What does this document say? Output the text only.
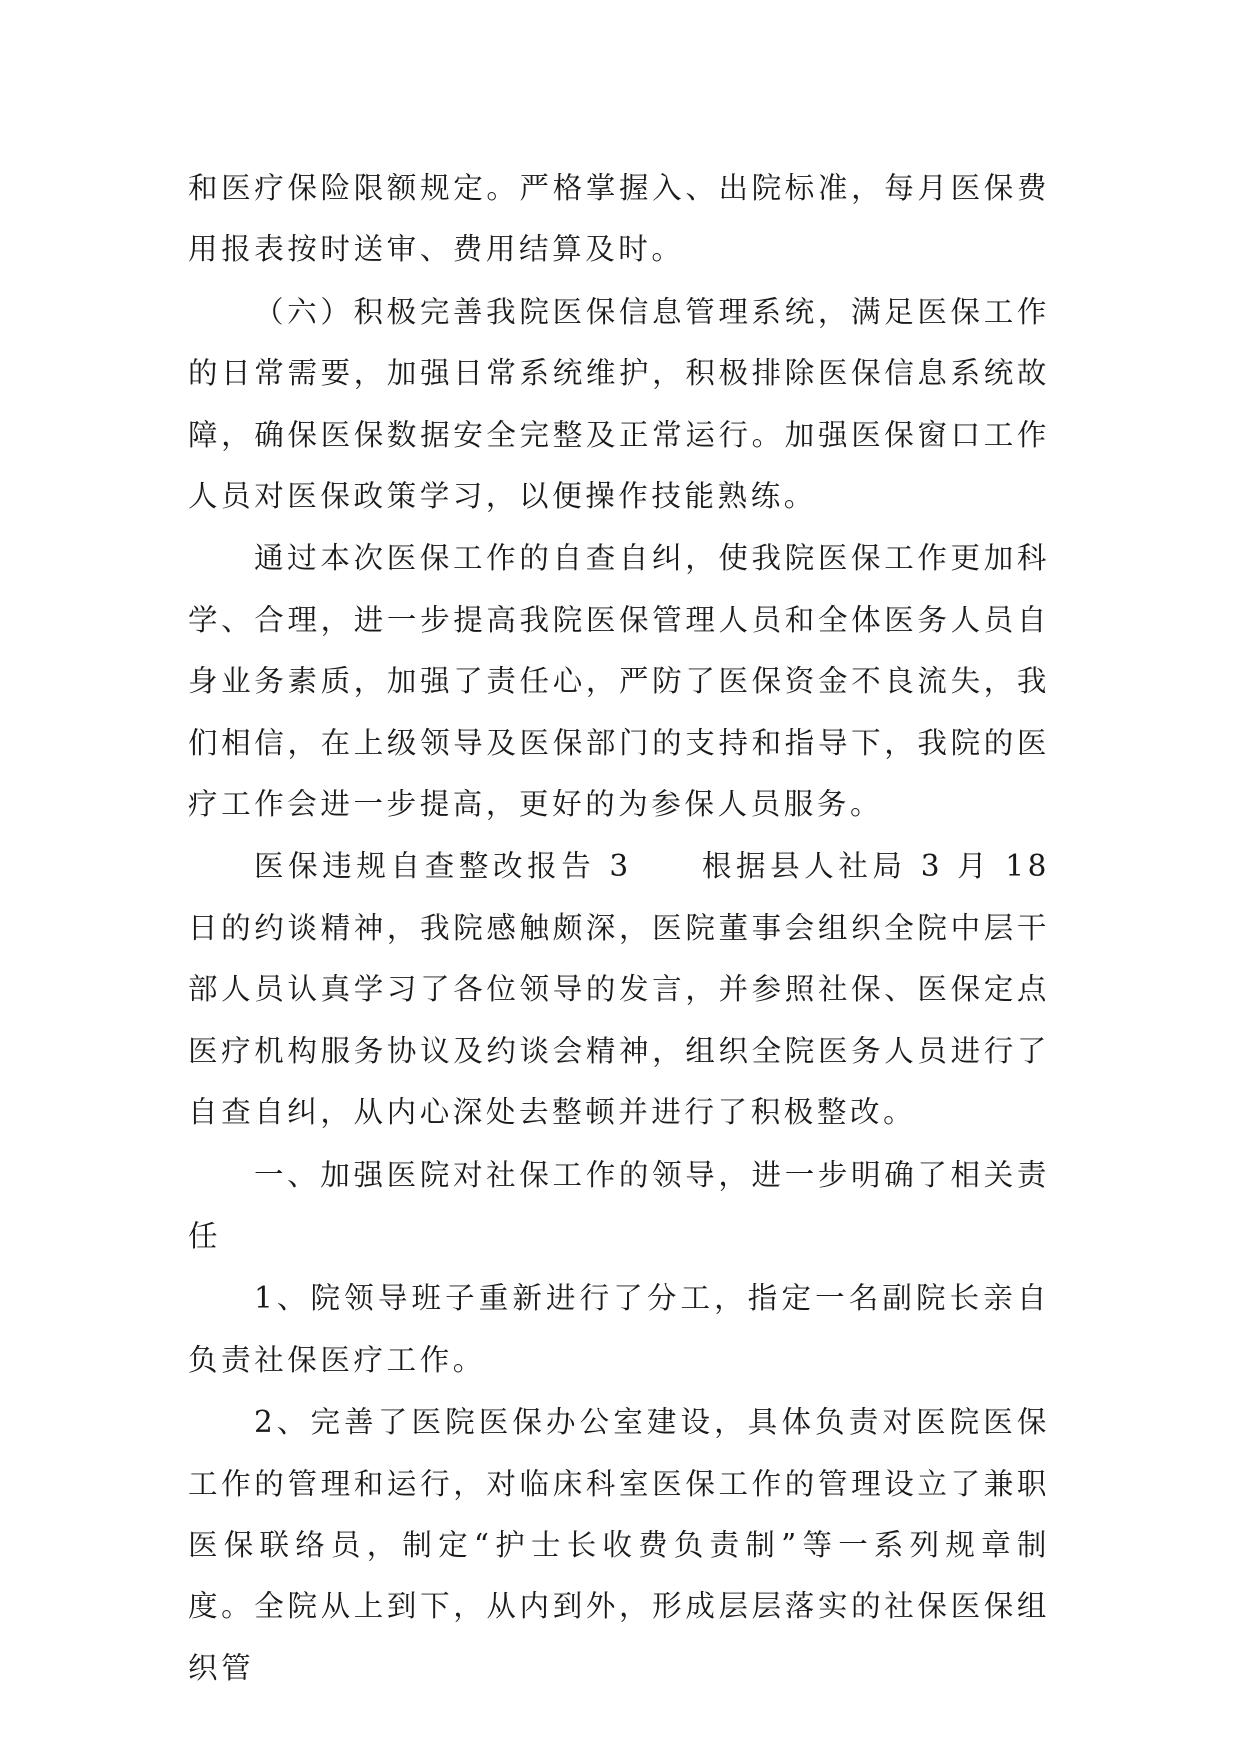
和医疗保险限额规定。严格掌握入、出院标准，每月医保费用报表按时送审、费用结算及时。

（六）积极完善我院医保信息管理系统，满足医保工作的日常需要，加强日常系统维护，积极排除医保信息系统故障，确保医保数据安全完整及正常运行。加强医保窗口工作人员对医保政策学习，以便操作技能熟练。

通过本次医保工作的自查自纠，使我院医保工作更加科学、合理，进一步提高我院医保管理人员和全体医务人员自身业务素质，加强了责任心，严防了医保资金不良流失，我们相信，在上级领导及医保部门的支持和指导下，我院的医疗工作会进一步提高，更好的为参保人员服务。

医保违规自查整改报告 3     根据县人社局 3 月 18 日的约谈精神，我院感触颇深，医院董事会组织全院中层干部人员认真学习了各位领导的发言，并参照社保、医保定点医疗机构服务协议及约谈会精神，组织全院医务人员进行了自查自纠，从内心深处去整顿并进行了积极整改。

一、加强医院对社保工作的领导，进一步明确了相关责任

1、院领导班子重新进行了分工，指定一名副院长亲自负责社保医疗工作。

2、完善了医院医保办公室建设，具体负责对医院医保工作的管理和运行，对临床科室医保工作的管理设立了兼职医保联络员，制定“护士长收费负责制”等一系列规章制度。全院从上到下，从内到外，形成层层落实的社保医保组织管
